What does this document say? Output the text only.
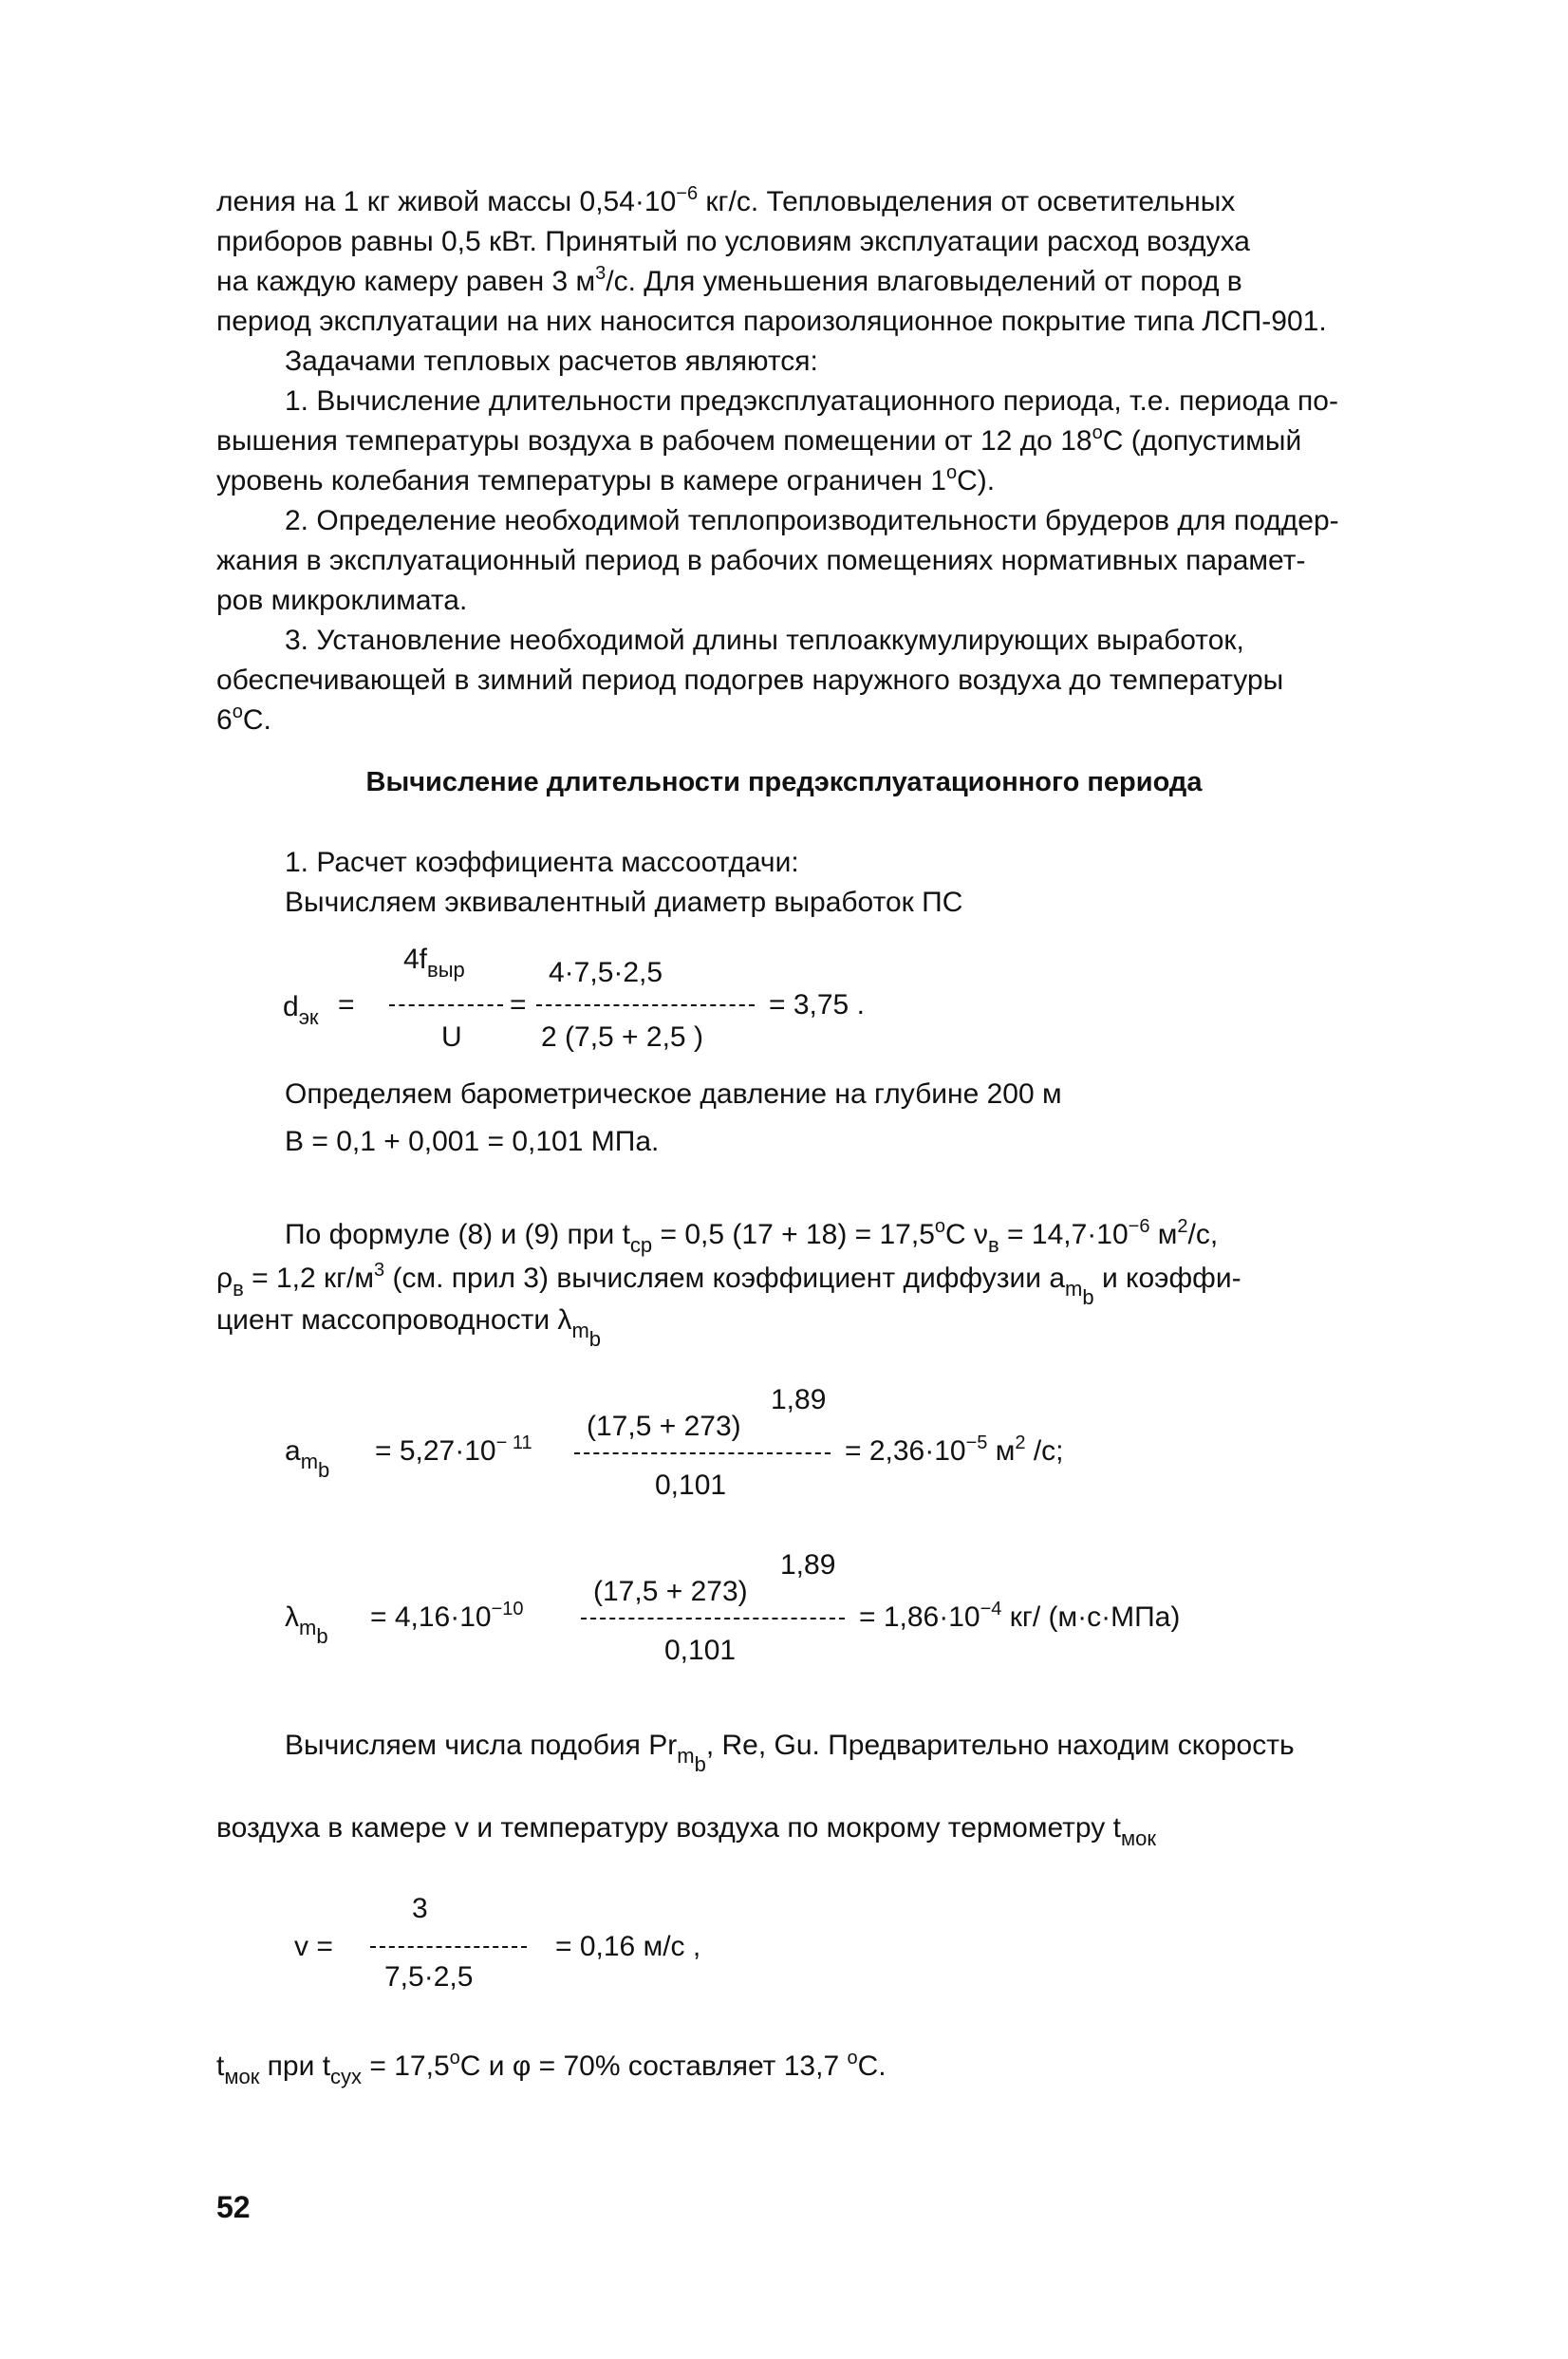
ления на 1 кг живой массы $0,54\cdot 10^{-6}$ кг/с. Тепловыделения от осветительных
приборов равны 0,5 кВт. Принятый по условиям эксплуатации расход воздуха
на каждую камеру равен 3 $м^3/с$. Для уменьшения влаговыделений от пород в
период эксплуатации на них наносится пароизоляционное покрытие типа ЛСП-901.
Задачами тепловых расчетов являются:
1. Вычисление длительности предэксплуатационного периода, т.е. периода по-
вышения температуры воздуха в рабочем помещении от 12 до $18^оС$ (допустимый
уровень колебания температуры в камере ограничен $1^оС$).
2. Определение необходимой теплопроизводительности брудеров для поддер-
жания в эксплуатационный период в рабочих помещениях нормативных парамет-
ров микроклимата.
3. Установление необходимой длины теплоаккумулирующих выработок,
обеспечивающей в зимний период подогрев наружного воздуха до температуры
$6^оС$.
Вычисление длительности предэксплуатационного периода
1. Расчет коэффициента массоотдачи:
Вычисляем эквивалентный диаметр выработок ПС
$d_{эк}$ =
$4f_{выр}$
=
U
4·7,5·2,5
2 (7,5 + 2,5 )
= 3,75 .
Определяем барометрическое давление на глубине 200 м
В = 0,1 + 0,001 = 0,101 МПа.
По формуле (8) и (9) при $t_{ср} = 0,5$ $(17 + 18) = 17,5^оС$ $\nu_в = 14,7\cdot 10^{-6}$ $м^2/с$,
$\rho_в = 1,2$ $кг/м^3$ (см. прил 3) вычисляем коэффициент диффузии $а_{m_b}$ и коэффи-
циент массопроводности $\lambda_{m_b}$
$а_{m_b}$
= $5,27\cdot 10^{- 11}$
(17,5 + 273)
1,89
0,101
= $2,36\cdot 10^{-5}$ $м^2$ /с;
$\lambda_{m_b}$
= $4,16\cdot 10^{-10}$
(17,5 + 273)
1,89
0,101
= $1,86\cdot 10^{-4}$ кг/ (м·с·МПа)
Вычисляем числа подобия $Pr_{m_b}$, Re, Gu. Предварительно находим скорость
воздуха в камере v и температуру воздуха по мокрому термометру $t_{мок}$
v =
3
7,5·2,5
= 0,16 м/с ,
$t_{мок}$ при $t_{сух} = 17,5^оС$ и φ = 70% составляет 13,7 $^о$С.
52
